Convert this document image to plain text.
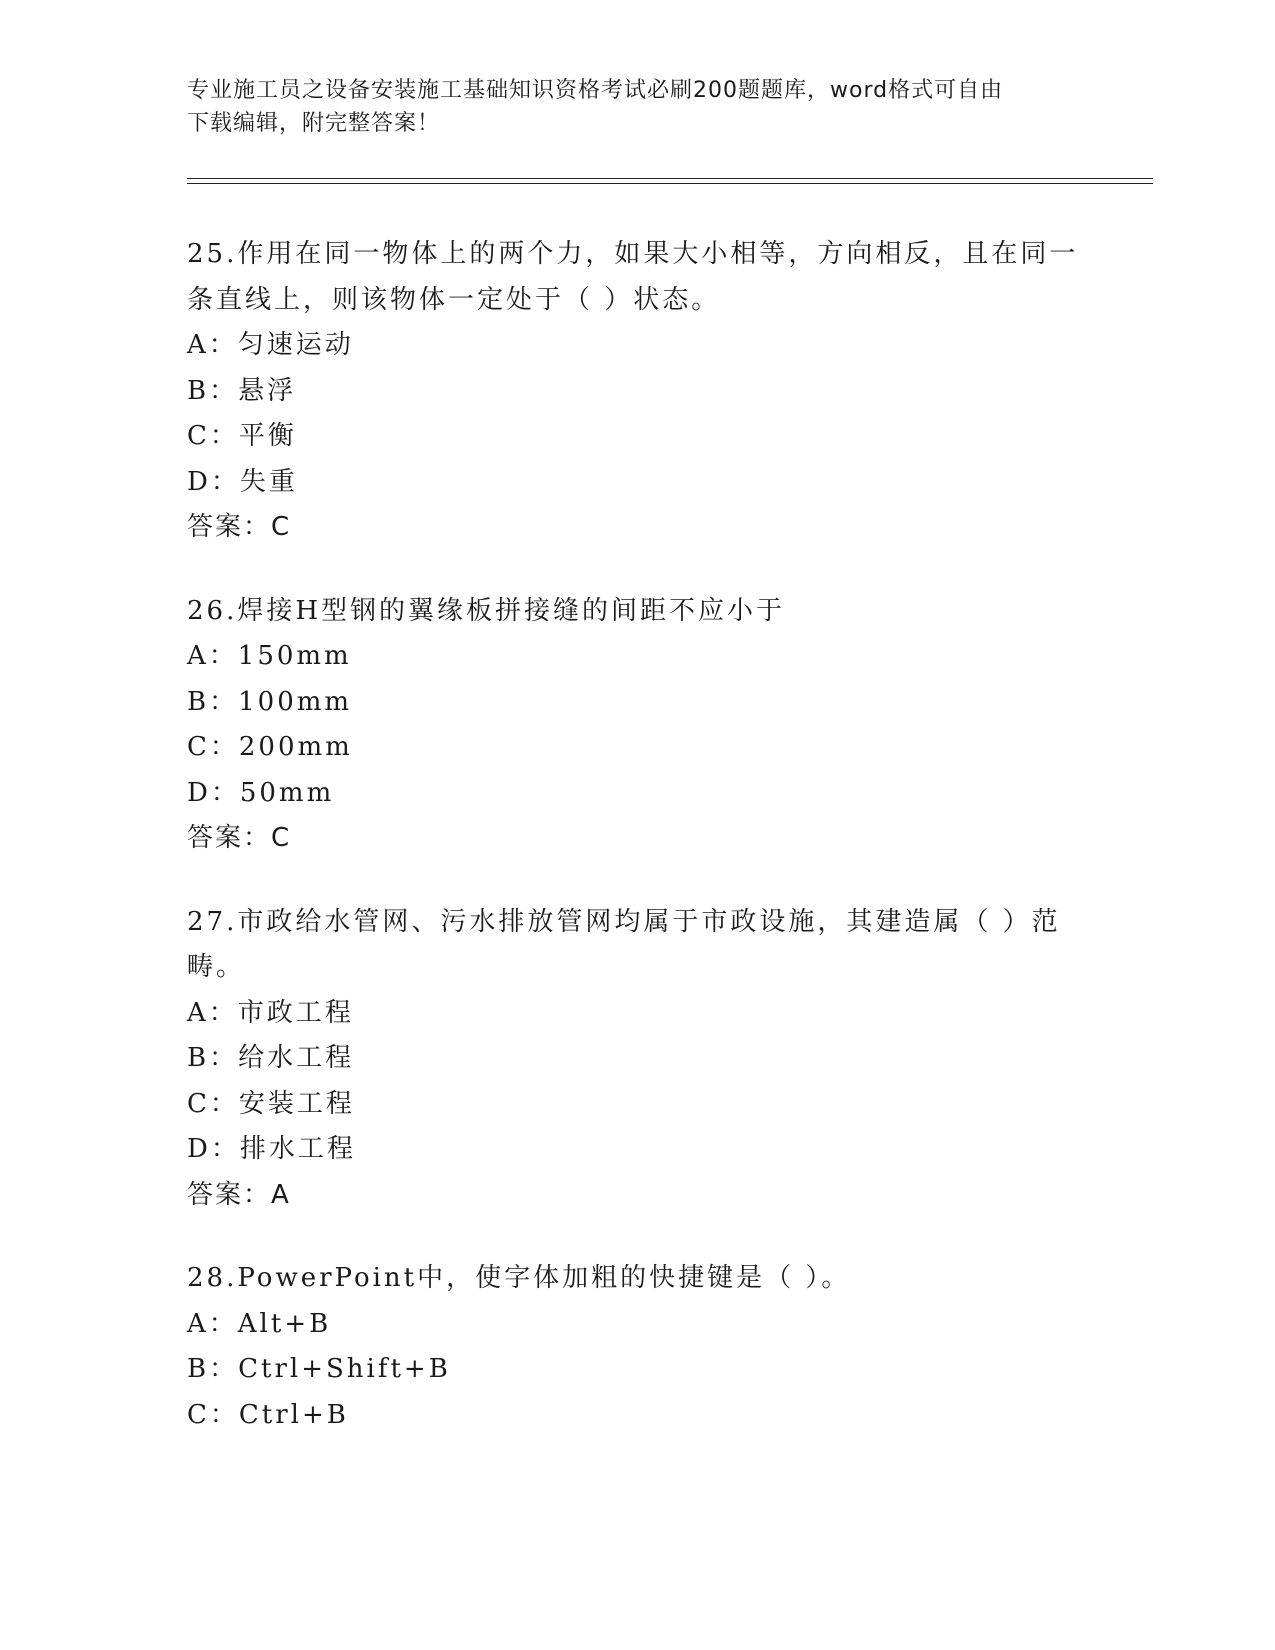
专业施工员之设备安装施工基础知识资格考试必刷200题题库，word格式可自由
下载编辑，附完整答案！

25.作用在同一物体上的两个力，如果大小相等，方向相反，且在同一

条直线上，则该物体一定处于（ ）状态。

A：匀速运动

B：悬浮

C：平衡

D：失重

答案：C

26.焊接H型钢的翼缘板拼接缝的间距不应小于

A：150mm

B：100mm

C：200mm

D：50mm

答案：C

27.市政给水管网、污水排放管网均属于市政设施，其建造属（ ）范

畴。

A：市政工程

B：给水工程

C：安装工程

D：排水工程

答案：A

28.PowerPoint中，使字体加粗的快捷键是（ ）。

A：Alt+B

B：Ctrl+Shift+B

C：Ctrl+B
